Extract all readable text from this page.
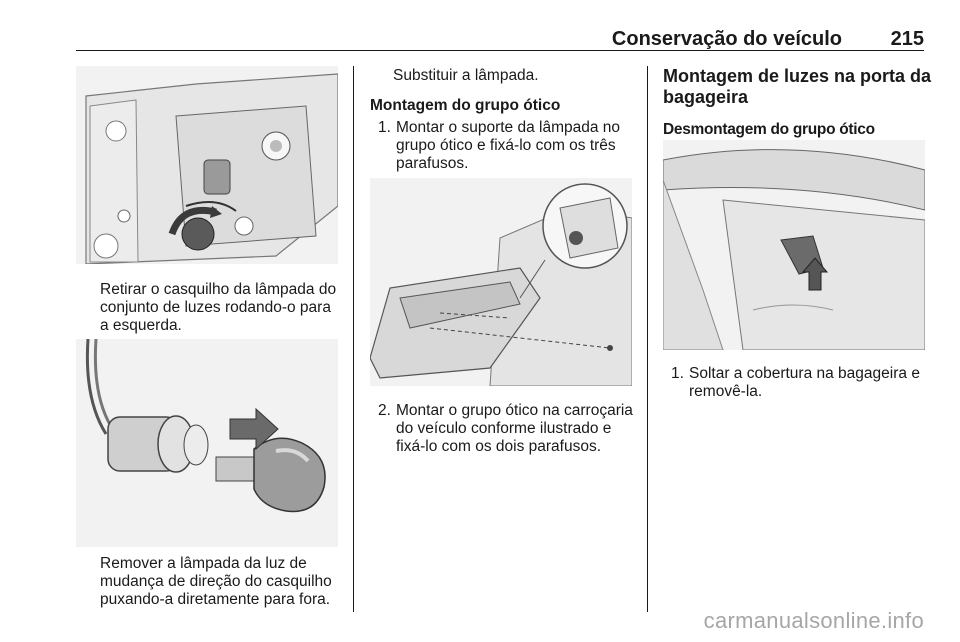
Conservação do veículo 215
Retirar o casquilho da lâmpada do conjunto de luzes rodando-o para a esquerda.
Remover a lâmpada da luz de mudança de direção do casquilho puxando-a diretamente para fora.
Substituir a lâmpada.
Montagem do grupo ótico
1. Montar o suporte da lâmpada no grupo ótico e fixá-lo com os três parafusos.
2. Montar o grupo ótico na carroçaria do veículo conforme ilustrado e fixá-lo com os dois parafusos.
Montagem de luzes na porta da bagageira
Desmontagem do grupo ótico
1. Soltar a cobertura na bagageira e removê-la.
carmanualsonline.info
